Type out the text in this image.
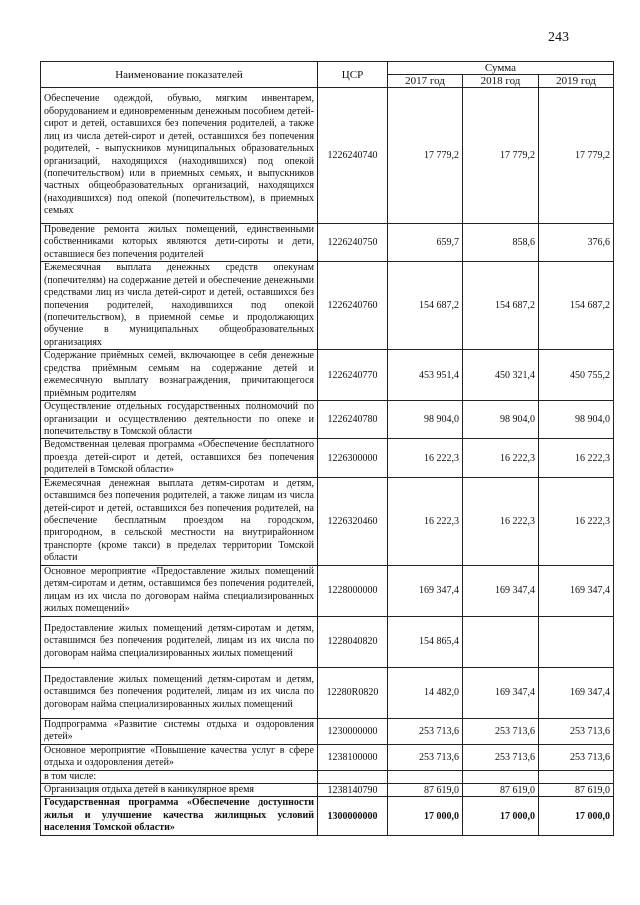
243
Наименование показателей	ЦСР	Сумма		
		2017 год	2018 год	2019 год
Обеспечение одеждой, обувью, мягким инвентарем, оборудованием и единовременным денежным пособием детей-сирот и детей, оставшихся без попечения родителей, а также лиц из числа детей-сирот и детей, оставшихся без попечения родителей, - выпускников муниципальных образовательных организаций, находящихся (находившихся) под опекой (попечительством) или в приемных семьях, и выпускников частных общеобразовательных организаций, находящихся (находившихся) под опекой (попечительством), в приемных семьях	1226240740	17 779,2	17 779,2	17 779,2
Проведение ремонта жилых помещений, единственными собственниками которых являются дети-сироты и дети, оставшиеся без попечения родителей	1226240750	659,7	858,6	376,6
Ежемесячная выплата денежных средств опекунам (попечителям) на содержание детей и обеспечение денежными средствами лиц из числа детей-сирот и детей, оставшихся без попечения родителей, находившихся под опекой (попечительством), в приемной семье и продолжающих обучение в муниципальных общеобразовательных организациях	1226240760	154 687,2	154 687,2	154 687,2
Содержание приёмных семей, включающее в себя денежные средства приёмным семьям на содержание детей и ежемесячную выплату вознаграждения, причитающегося приёмным родителям	1226240770	453 951,4	450 321,4	450 755,2
Осуществление отдельных государственных полномочий по организации и осуществлению деятельности по опеке и попечительству в Томской области	1226240780	98 904,0	98 904,0	98 904,0
Ведомственная целевая программа «Обеспечение бесплатного проезда детей-сирот и детей, оставшихся без попечения родителей в Томской области»	1226300000	16 222,3	16 222,3	16 222,3
Ежемесячная денежная выплата детям-сиротам и детям, оставшимся без попечения родителей, а также лицам из числа детей-сирот и детей, оставшихся без попечения родителей, на обеспечение бесплатным проездом на городском, пригородном, в сельской местности на внутрирайонном транспорте (кроме такси) в пределах территории Томской области	1226320460	16 222,3	16 222,3	16 222,3
Основное мероприятие «Предоставление жилых помещений детям-сиротам и детям, оставшимся без попечения родителей, лицам из их числа по договорам найма специализированных жилых помещений»	1228000000	169 347,4	169 347,4	169 347,4
Предоставление жилых помещений детям-сиротам и детям, оставшимся без попечения родителей, лицам из их числа по договорам найма специализированных жилых помещений	1228040820	154 865,4		
Предоставление жилых помещений детям-сиротам и детям, оставшимся без попечения родителей, лицам из их числа по договорам найма специализированных жилых помещений	12280R0820	14 482,0	169 347,4	169 347,4
Подпрограмма «Развитие системы отдыха и оздоровления детей»	1230000000	253 713,6	253 713,6	253 713,6
Основное мероприятие «Повышение качества услуг в сфере отдыха и оздоровления детей»	1238100000	253 713,6	253 713,6	253 713,6
в том числе:				
Организация отдыха детей в каникулярное время	1238140790	87 619,0	87 619,0	87 619,0
Государственная программа «Обеспечение доступности жилья и улучшение качества жилищных условий населения Томской области»	1300000000	17 000,0	17 000,0	17 000,0
